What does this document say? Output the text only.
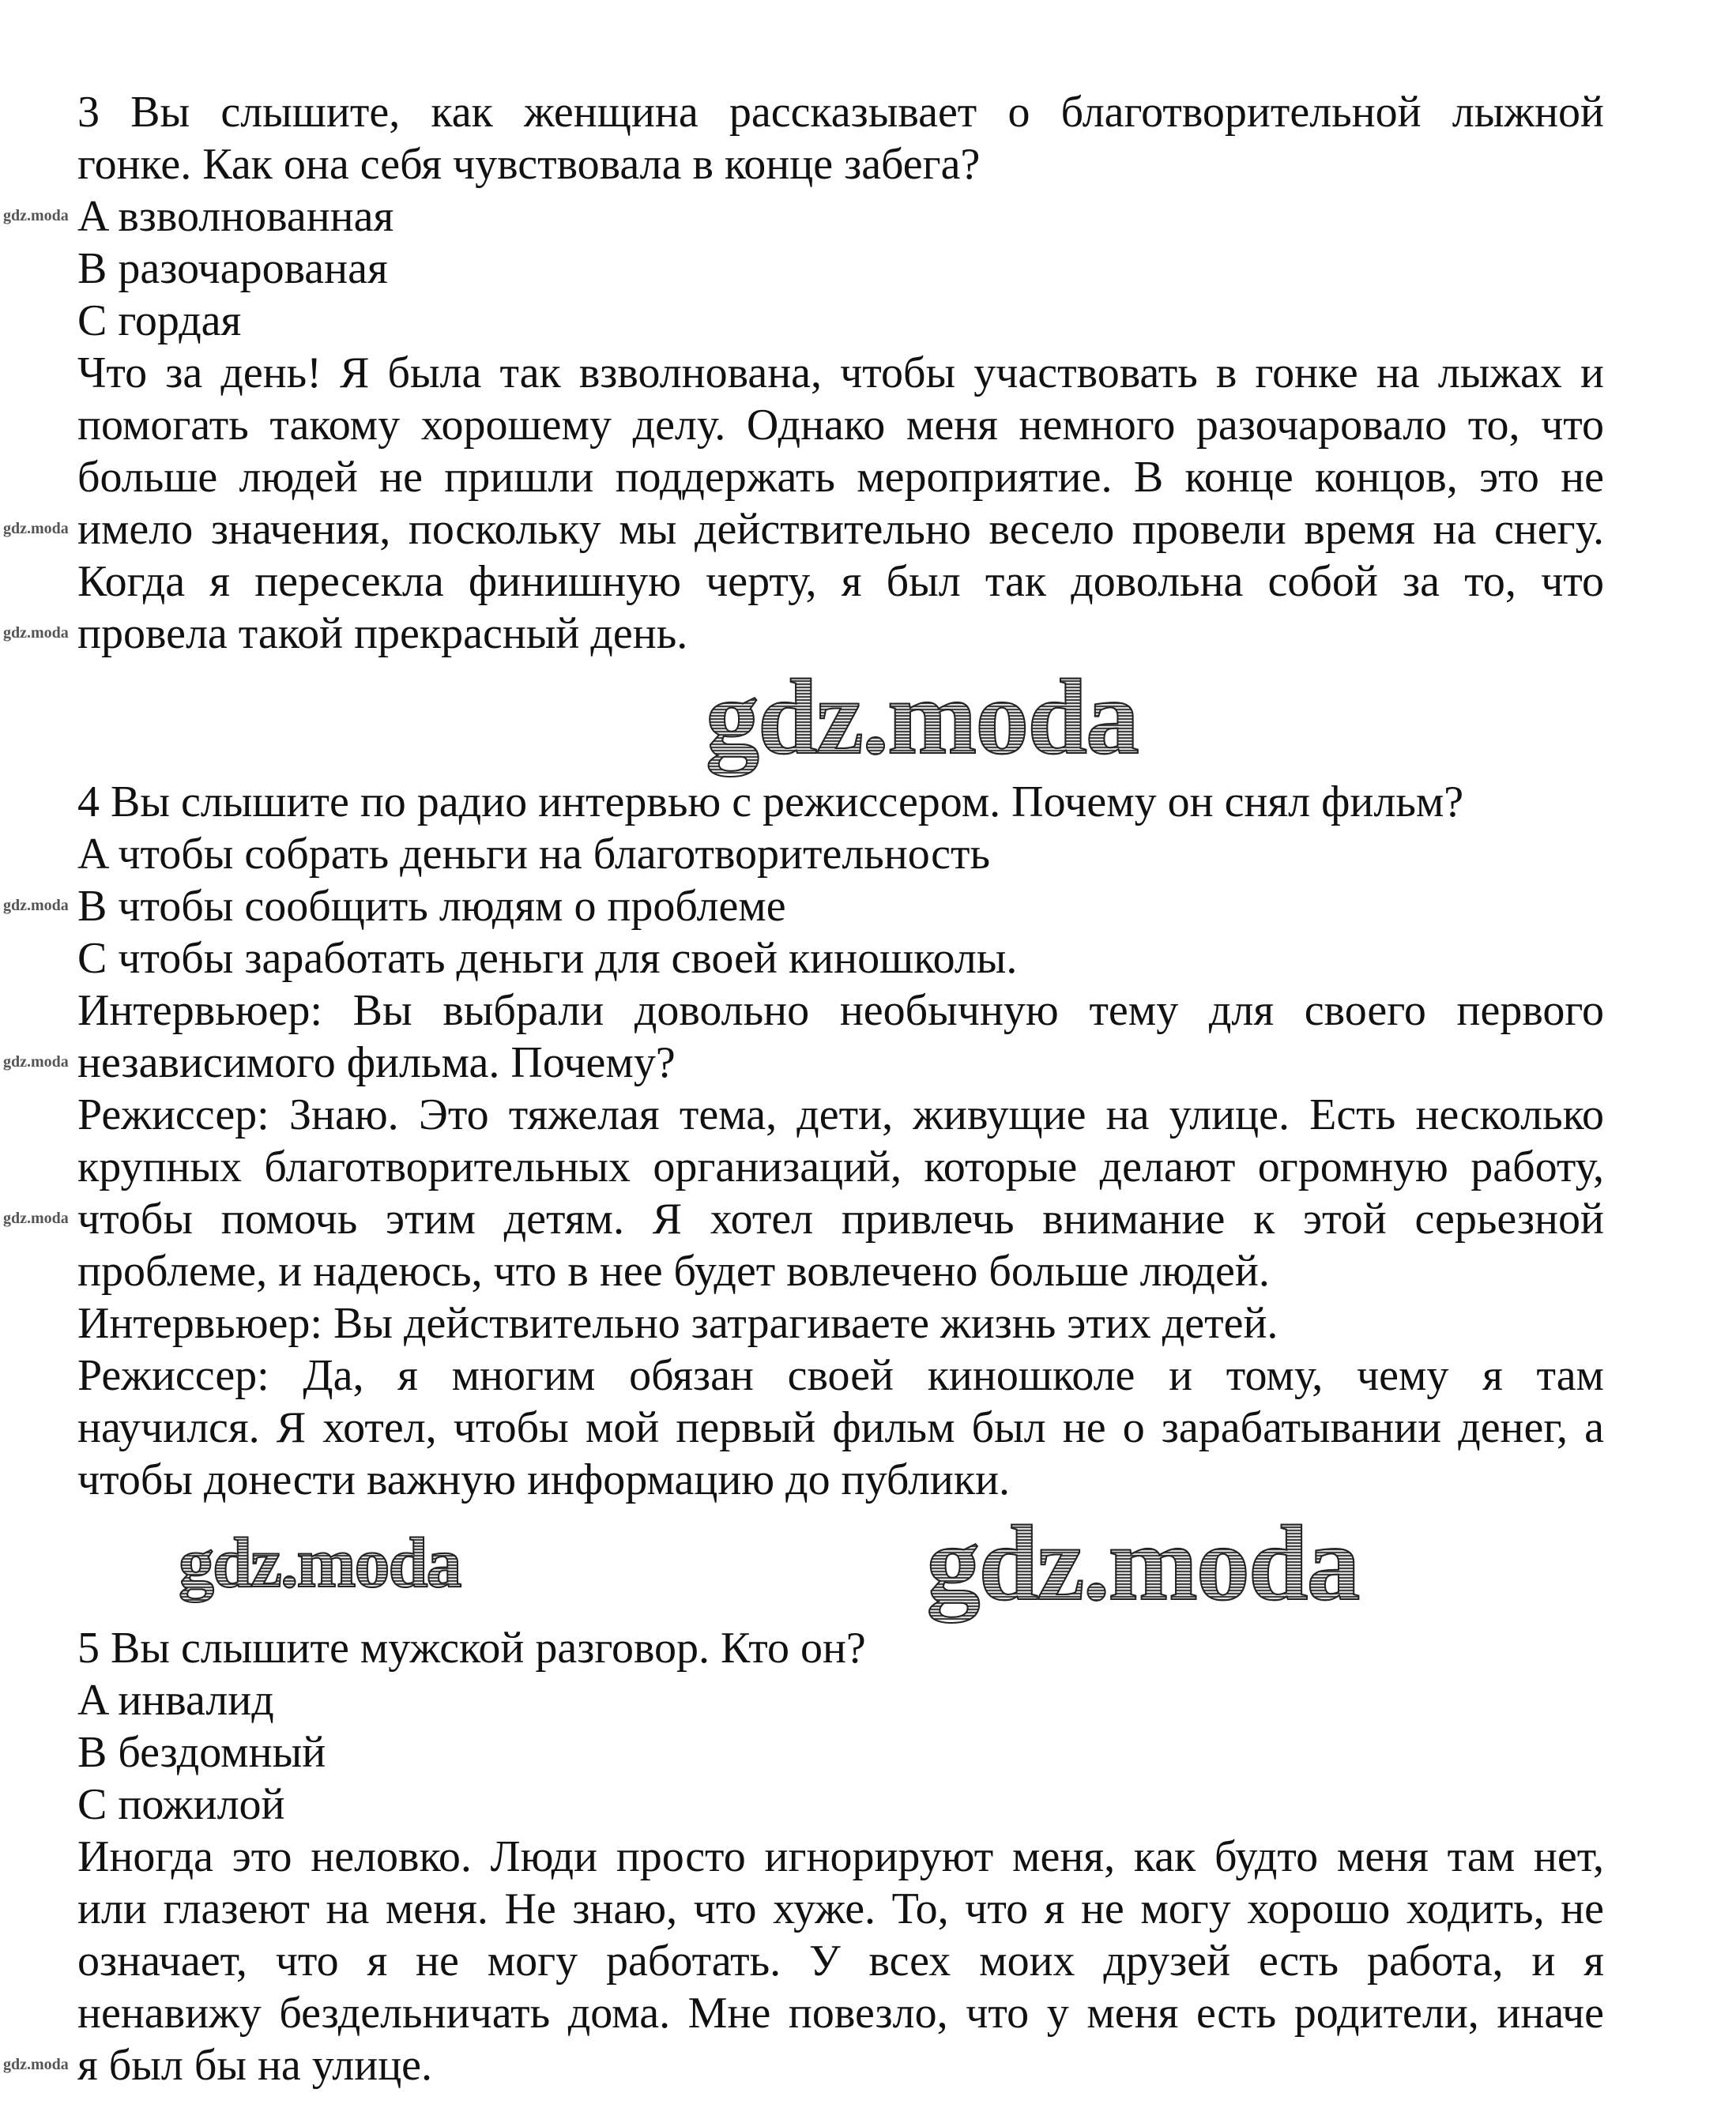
3 Вы слышите, как женщина рассказывает о благотворительной лыжной
гонке. Как она себя чувствовала в конце забега?
A взволнованная
gdz.moda
B разочарованая
C гордая
Что за день! Я была так взволнована, чтобы участвовать в гонке на лыжах и
помогать такому хорошему делу. Однако меня немного разочаровало то, что
больше людей не пришли поддержать мероприятие. В конце концов, это не
имело значения, поскольку мы действительно весело провели время на снегу.
gdz.moda
Когда я пересекла финишную черту, я был так довольна собой за то, что
провела такой прекрасный день.
gdz.moda
gdz.moda
4 Вы слышите по радио интервью с режиссером. Почему он снял фильм?
A чтобы собрать деньги на благотворительность
B чтобы сообщить людям о проблеме
gdz.moda
C чтобы заработать деньги для своей киношколы.
Интервьюер: Вы выбрали довольно необычную тему для своего первого
независимого фильма. Почему?
gdz.moda
Режиссер: Знаю. Это тяжелая тема, дети, живущие на улице. Есть несколько
крупных благотворительных организаций, которые делают огромную работу,
чтобы помочь этим детям. Я хотел привлечь внимание к этой серьезной
gdz.moda
проблеме, и надеюсь, что в нее будет вовлечено больше людей.
Интервьюер: Вы действительно затрагиваете жизнь этих детей.
Режиссер: Да, я многим обязан своей киношколе и тому, чему я там
научился. Я хотел, чтобы мой первый фильм был не о зарабатывании денег, а
чтобы донести важную информацию до публики.
gdz.moda	gdz.moda
5 Вы слышите мужской разговор. Кто он?
A инвалид
B бездомный
C пожилой
Иногда это неловко. Люди просто игнорируют меня, как будто меня там нет,
или глазеют на меня. Не знаю, что хуже. То, что я не могу хорошо ходить, не
означает, что я не могу работать. У всех моих друзей есть работа, и я
ненавижу бездельничать дома. Мне повезло, что у меня есть родители, иначе
я был бы на улице.
gdz.moda
